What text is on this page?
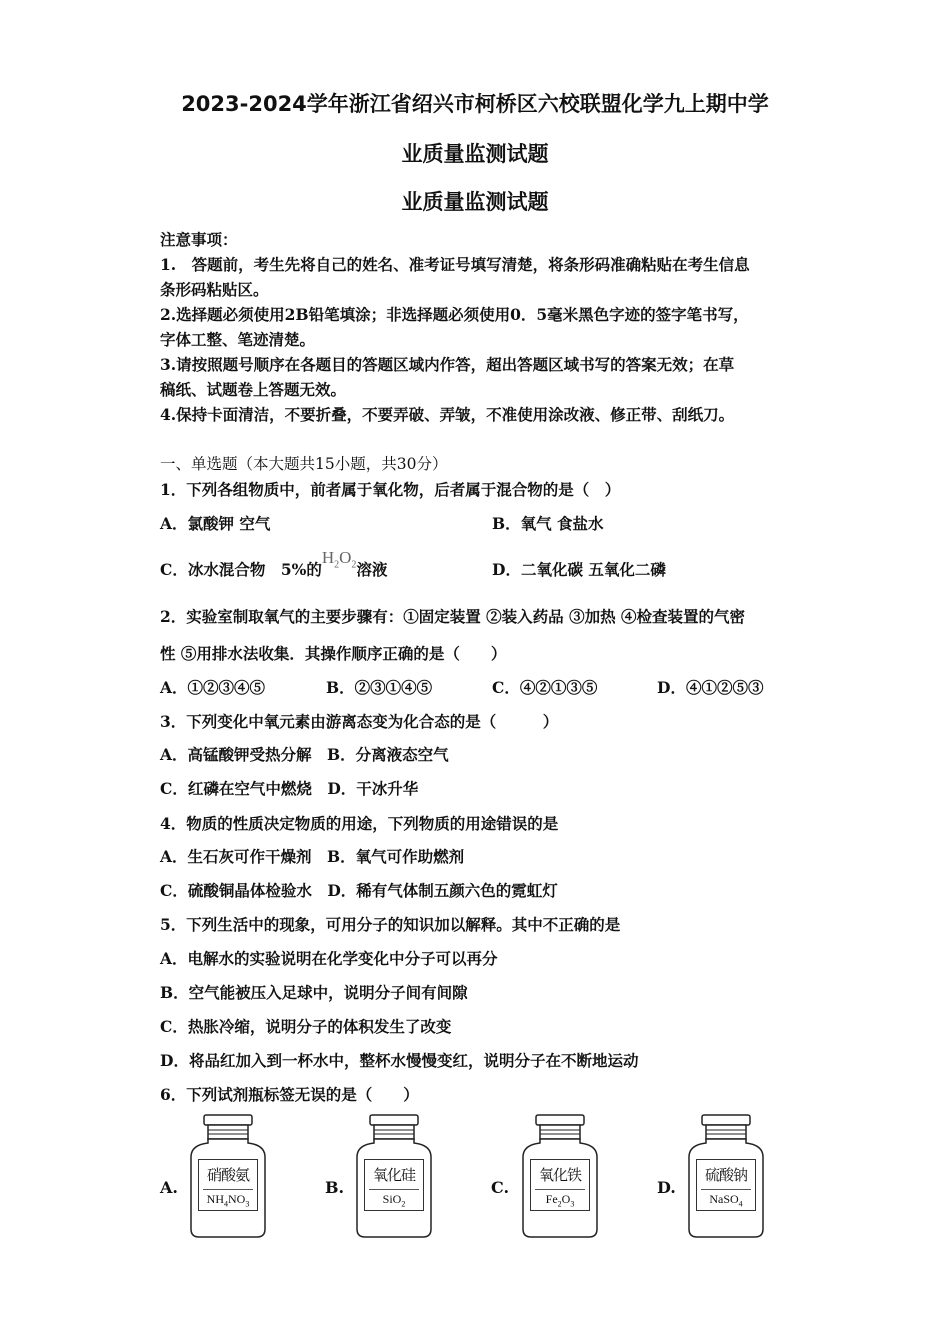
2023-2024学年浙江省绍兴市柯桥区六校联盟化学九上期中学
业质量监测试题
业质量监测试题
注意事项：
1.　答题前，考生先将自己的姓名、准考证号填写清楚，将条形码准确粘贴在考生信息
条形码粘贴区。
2.选择题必须使用2B铅笔填涂；非选择题必须使用0．5毫米黑色字迹的签字笔书写，
字体工整、笔迹清楚。
3.请按照题号顺序在各题目的答题区域内作答，超出答题区域书写的答案无效；在草
稿纸、试题卷上答题无效。
4.保持卡面清洁，不要折叠，不要弄破、弄皱，不准使用涂改液、修正带、刮纸刀。
一、单选题（本大题共15小题，共30分）
1．下列各组物质中，前者属于氧化物，后者属于混合物的是（　）
A．氯酸钾 空气	B．氧气 食盐水
C．冰水混合物　5%的$H_2O_2$溶液	D．二氧化碳 五氧化二磷
2．实验室制取氧气的主要步骤有：①固定装置 ②装入药品 ③加热 ④检查装置的气密
性 ⑤用排水法收集．其操作顺序正确的是（　　）
A．①②③④⑤	B．②③①④⑤	C．④②①③⑤	D．④①②⑤③
3．下列变化中氧元素由游离态变为化合态的是（　　　）
A．高锰酸钾受热分解　B．分离液态空气
C．红磷在空气中燃烧　D．干冰升华
4．物质的性质决定物质的用途，下列物质的用途错误的是
A．生石灰可作干燥剂　B．氧气可作助燃剂
C．硫酸铜晶体检验水　D．稀有气体制五颜六色的霓虹灯
5．下列生活中的现象，可用分子的知识加以解释。其中不正确的是
A．电解水的实验说明在化学变化中分子可以再分
B．空气能被压入足球中，说明分子间有间隙
C．热胀冷缩，说明分子的体积发生了改变
D．将品红加入到一杯水中，整杯水慢慢变红，说明分子在不断地运动
6．下列试剂瓶标签无误的是（　　）
A.
硝酸氨
$NH_4NO_3$
B.
氧化硅
SiO$_2$
C.
氧化铁
$Fe_2O_3$
D.
硫酸钠
NaSO$_4$
